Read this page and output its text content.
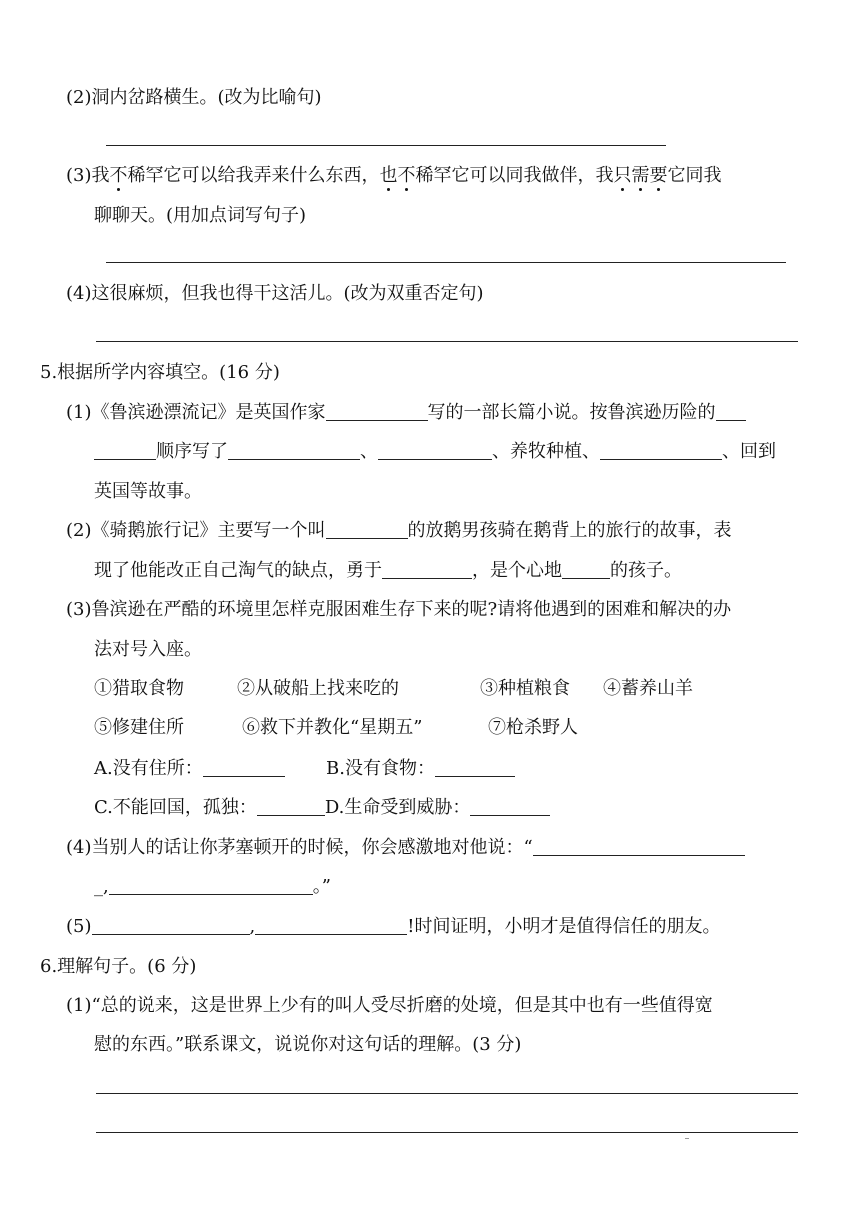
(2)洞内岔路横生。(改为比喻句)
(3)我不稀罕它可以给我弄来什么东西，也不稀罕它可以同我做伴，我只需要它同我
聊聊天。(用加点词写句子)
(4)这很麻烦，但我也得干这活儿。(改为双重否定句)
5.根据所学内容填空。(16 分)
(1)《鲁滨逊漂流记》是英国作家	写的一部长篇小说。按鲁滨逊历险的
顺序写了	、	、养牧种植、	、回到
英国等故事。
(2)《骑鹅旅行记》主要写一个叫	的放鹅男孩骑在鹅背上的旅行的故事，表
现了他能改正自己淘气的缺点，勇于	，是个心地	的孩子。
(3)鲁滨逊在严酷的环境里怎样克服困难生存下来的呢?请将他遇到的困难和解决的办
法对号入座。
①猎取食物	②从破船上找来吃的	③种植粮食 ④蓄养山羊
⑤修建住所	⑥救下并教化“星期五”	⑦枪杀野人
A.没有住所：	B.没有食物：
C.不能回国，孤独：	D.生命受到威胁：
(4)当别人的话让你茅塞顿开的时候，你会感激地对他说：“
_,	。”
(5)	,	!时间证明，小明才是值得信任的朋友。
6.理解句子。(6 分)
(1)“总的说来，这是世界上少有的叫人受尽折磨的处境，但是其中也有一些值得宽
慰的东西。”联系课文，说说你对这句话的理解。(3 分)
